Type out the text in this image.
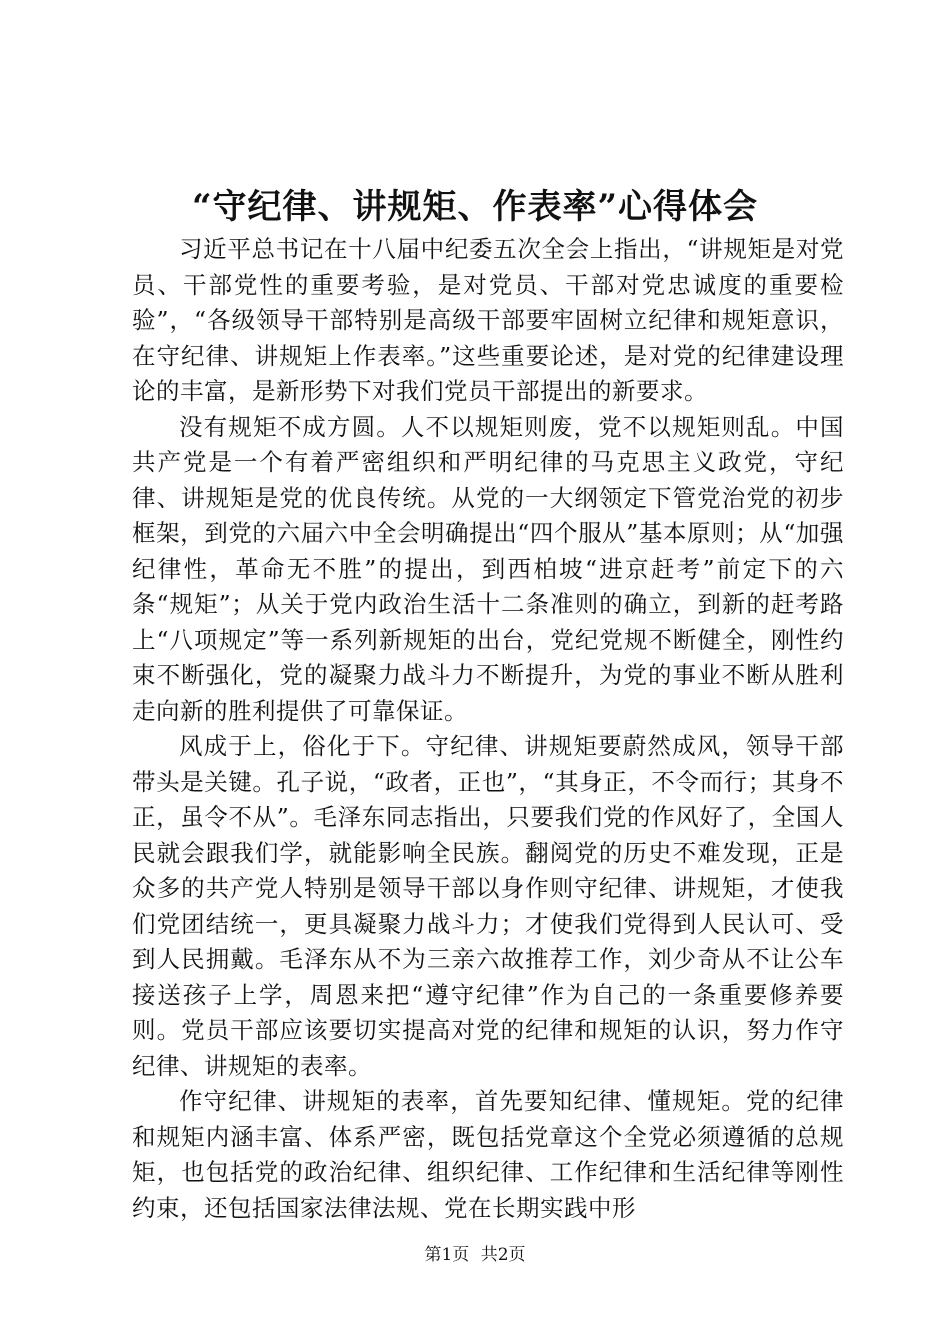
“守纪律、讲规矩、作表率”心得体会

习近平总书记在十八届中纪委五次全会上指出，“讲规矩是对党员、干部党性的重要考验，是对党员、干部对党忠诚度的重要检验”，“各级领导干部特别是高级干部要牢固树立纪律和规矩意识，在守纪律、讲规矩上作表率。”这些重要论述，是对党的纪律建设理论的丰富，是新形势下对我们党员干部提出的新要求。

没有规矩不成方圆。人不以规矩则废，党不以规矩则乱。中国共产党是一个有着严密组织和严明纪律的马克思主义政党，守纪律、讲规矩是党的优良传统。从党的一大纲领定下管党治党的初步框架，到党的六届六中全会明确提出“四个服从”基本原则；从“加强纪律性，革命无不胜”的提出，到西柏坡“进京赶考”前定下的六条“规矩”；从关于党内政治生活十二条准则的确立，到新的赶考路上“八项规定”等一系列新规矩的出台，党纪党规不断健全，刚性约束不断强化，党的凝聚力战斗力不断提升，为党的事业不断从胜利走向新的胜利提供了可靠保证。

风成于上，俗化于下。守纪律、讲规矩要蔚然成风，领导干部带头是关键。孔子说，“政者，正也”，“其身正，不令而行；其身不正，虽令不从”。毛泽东同志指出，只要我们党的作风好了，全国人民就会跟我们学，就能影响全民族。翻阅党的历史不难发现，正是众多的共产党人特别是领导干部以身作则守纪律、讲规矩，才使我们党团结统一，更具凝聚力战斗力；才使我们党得到人民认可、受到人民拥戴。毛泽东从不为三亲六故推荐工作，刘少奇从不让公车接送孩子上学，周恩来把“遵守纪律”作为自己的一条重要修养要则。党员干部应该要切实提高对党的纪律和规矩的认识，努力作守纪律、讲规矩的表率。

作守纪律、讲规矩的表率，首先要知纪律、懂规矩。党的纪律和规矩内涵丰富、体系严密，既包括党章这个全党必须遵循的总规矩，也包括党的政治纪律、组织纪律、工作纪律和生活纪律等刚性约束，还包括国家法律法规、党在长期实践中形

第1页 共2页
